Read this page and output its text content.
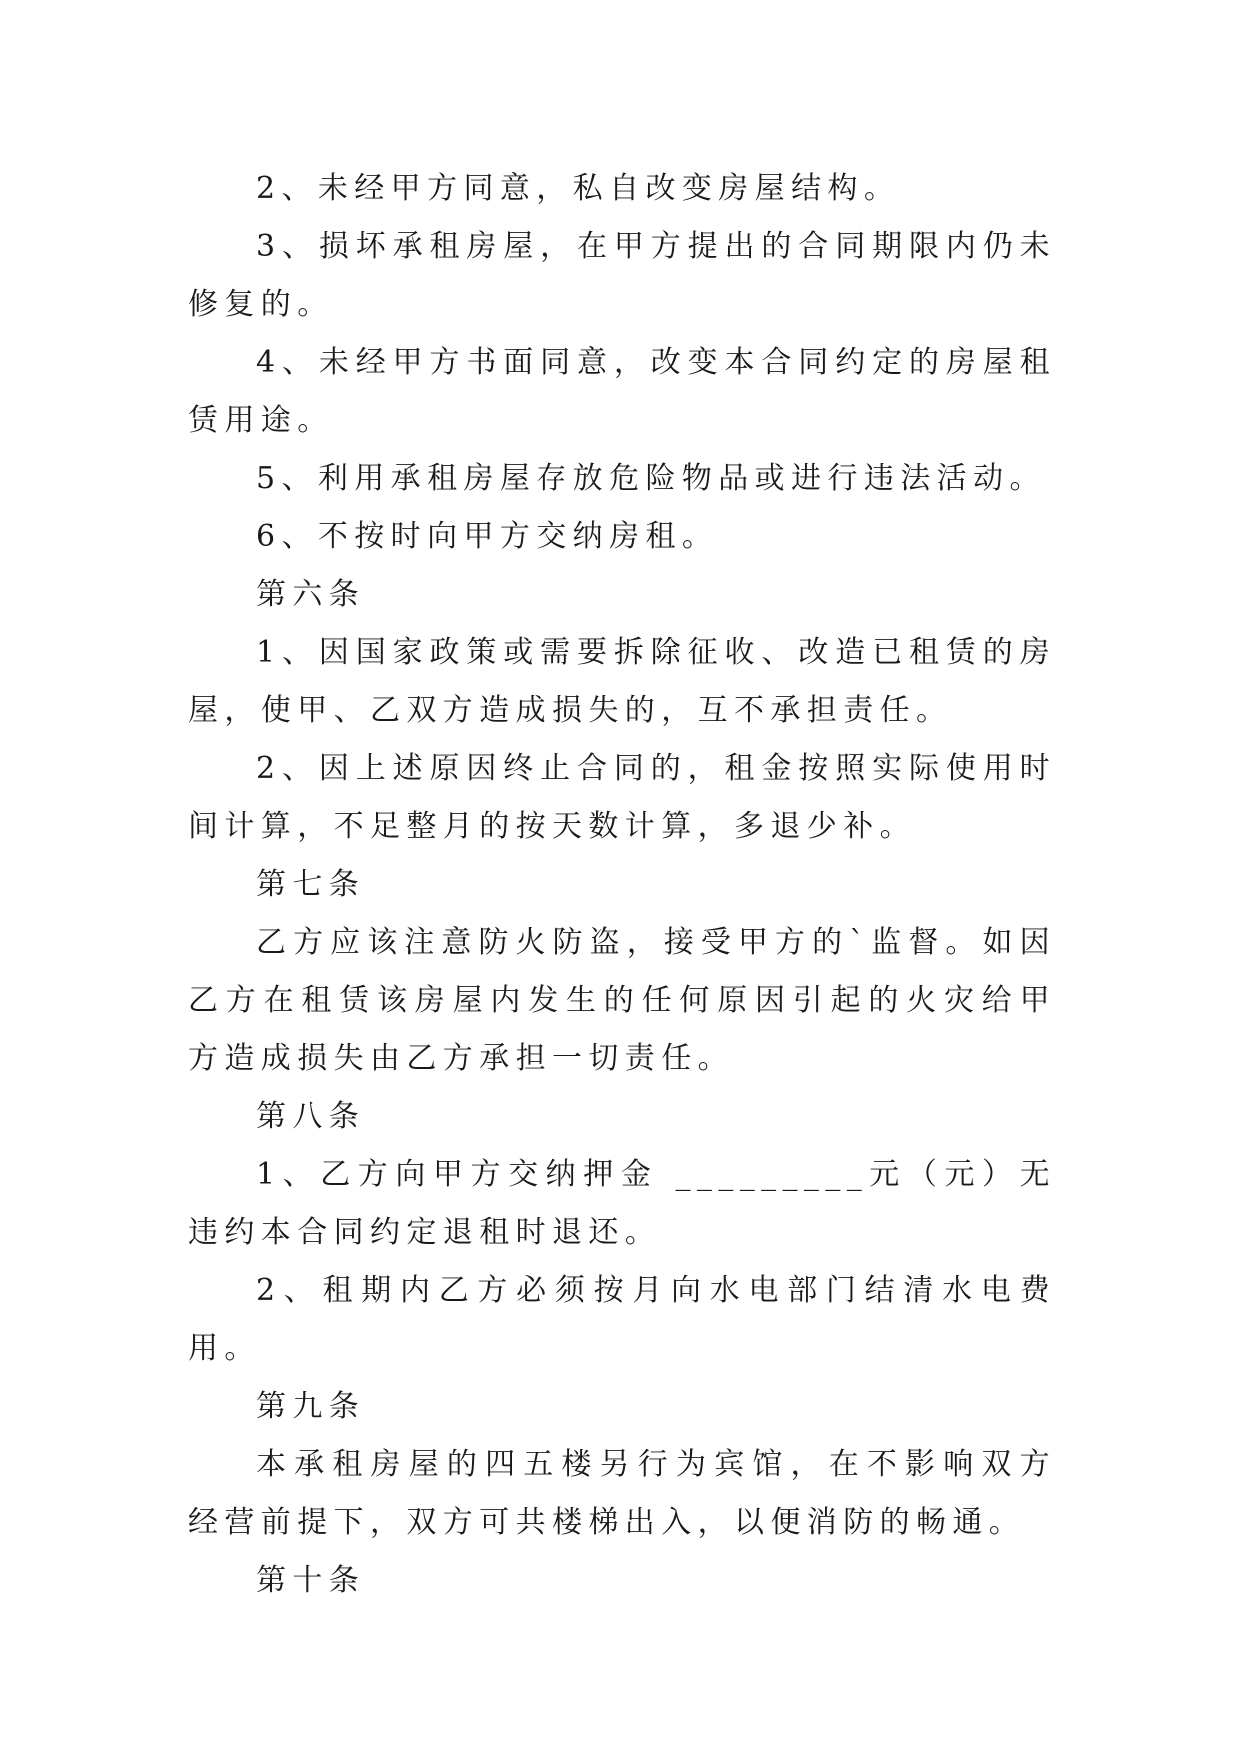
2、未经甲方同意，私自改变房屋结构。

3、损坏承租房屋，在甲方提出的合同期限内仍未修复的。

4、未经甲方书面同意，改变本合同约定的房屋租赁用途。

5、利用承租房屋存放危险物品或进行违法活动。

6、不按时向甲方交纳房租。

第六条

1、因国家政策或需要拆除征收、改造已租赁的房屋，使甲、乙双方造成损失的，互不承担责任。

2、因上述原因终止合同的，租金按照实际使用时间计算，不足整月的按天数计算，多退少补。

第七条

乙方应该注意防火防盗，接受甲方的`监督。如因乙方在租赁该房屋内发生的任何原因引起的火灾给甲方造成损失由乙方承担一切责任。

第八条

1、乙方向甲方交纳押金 _________元（元）无违约本合同约定退租时退还。

2、租期内乙方必须按月向水电部门结清水电费用。

第九条

本承租房屋的四五楼另行为宾馆，在不影响双方经营前提下，双方可共楼梯出入，以便消防的畅通。

第十条
